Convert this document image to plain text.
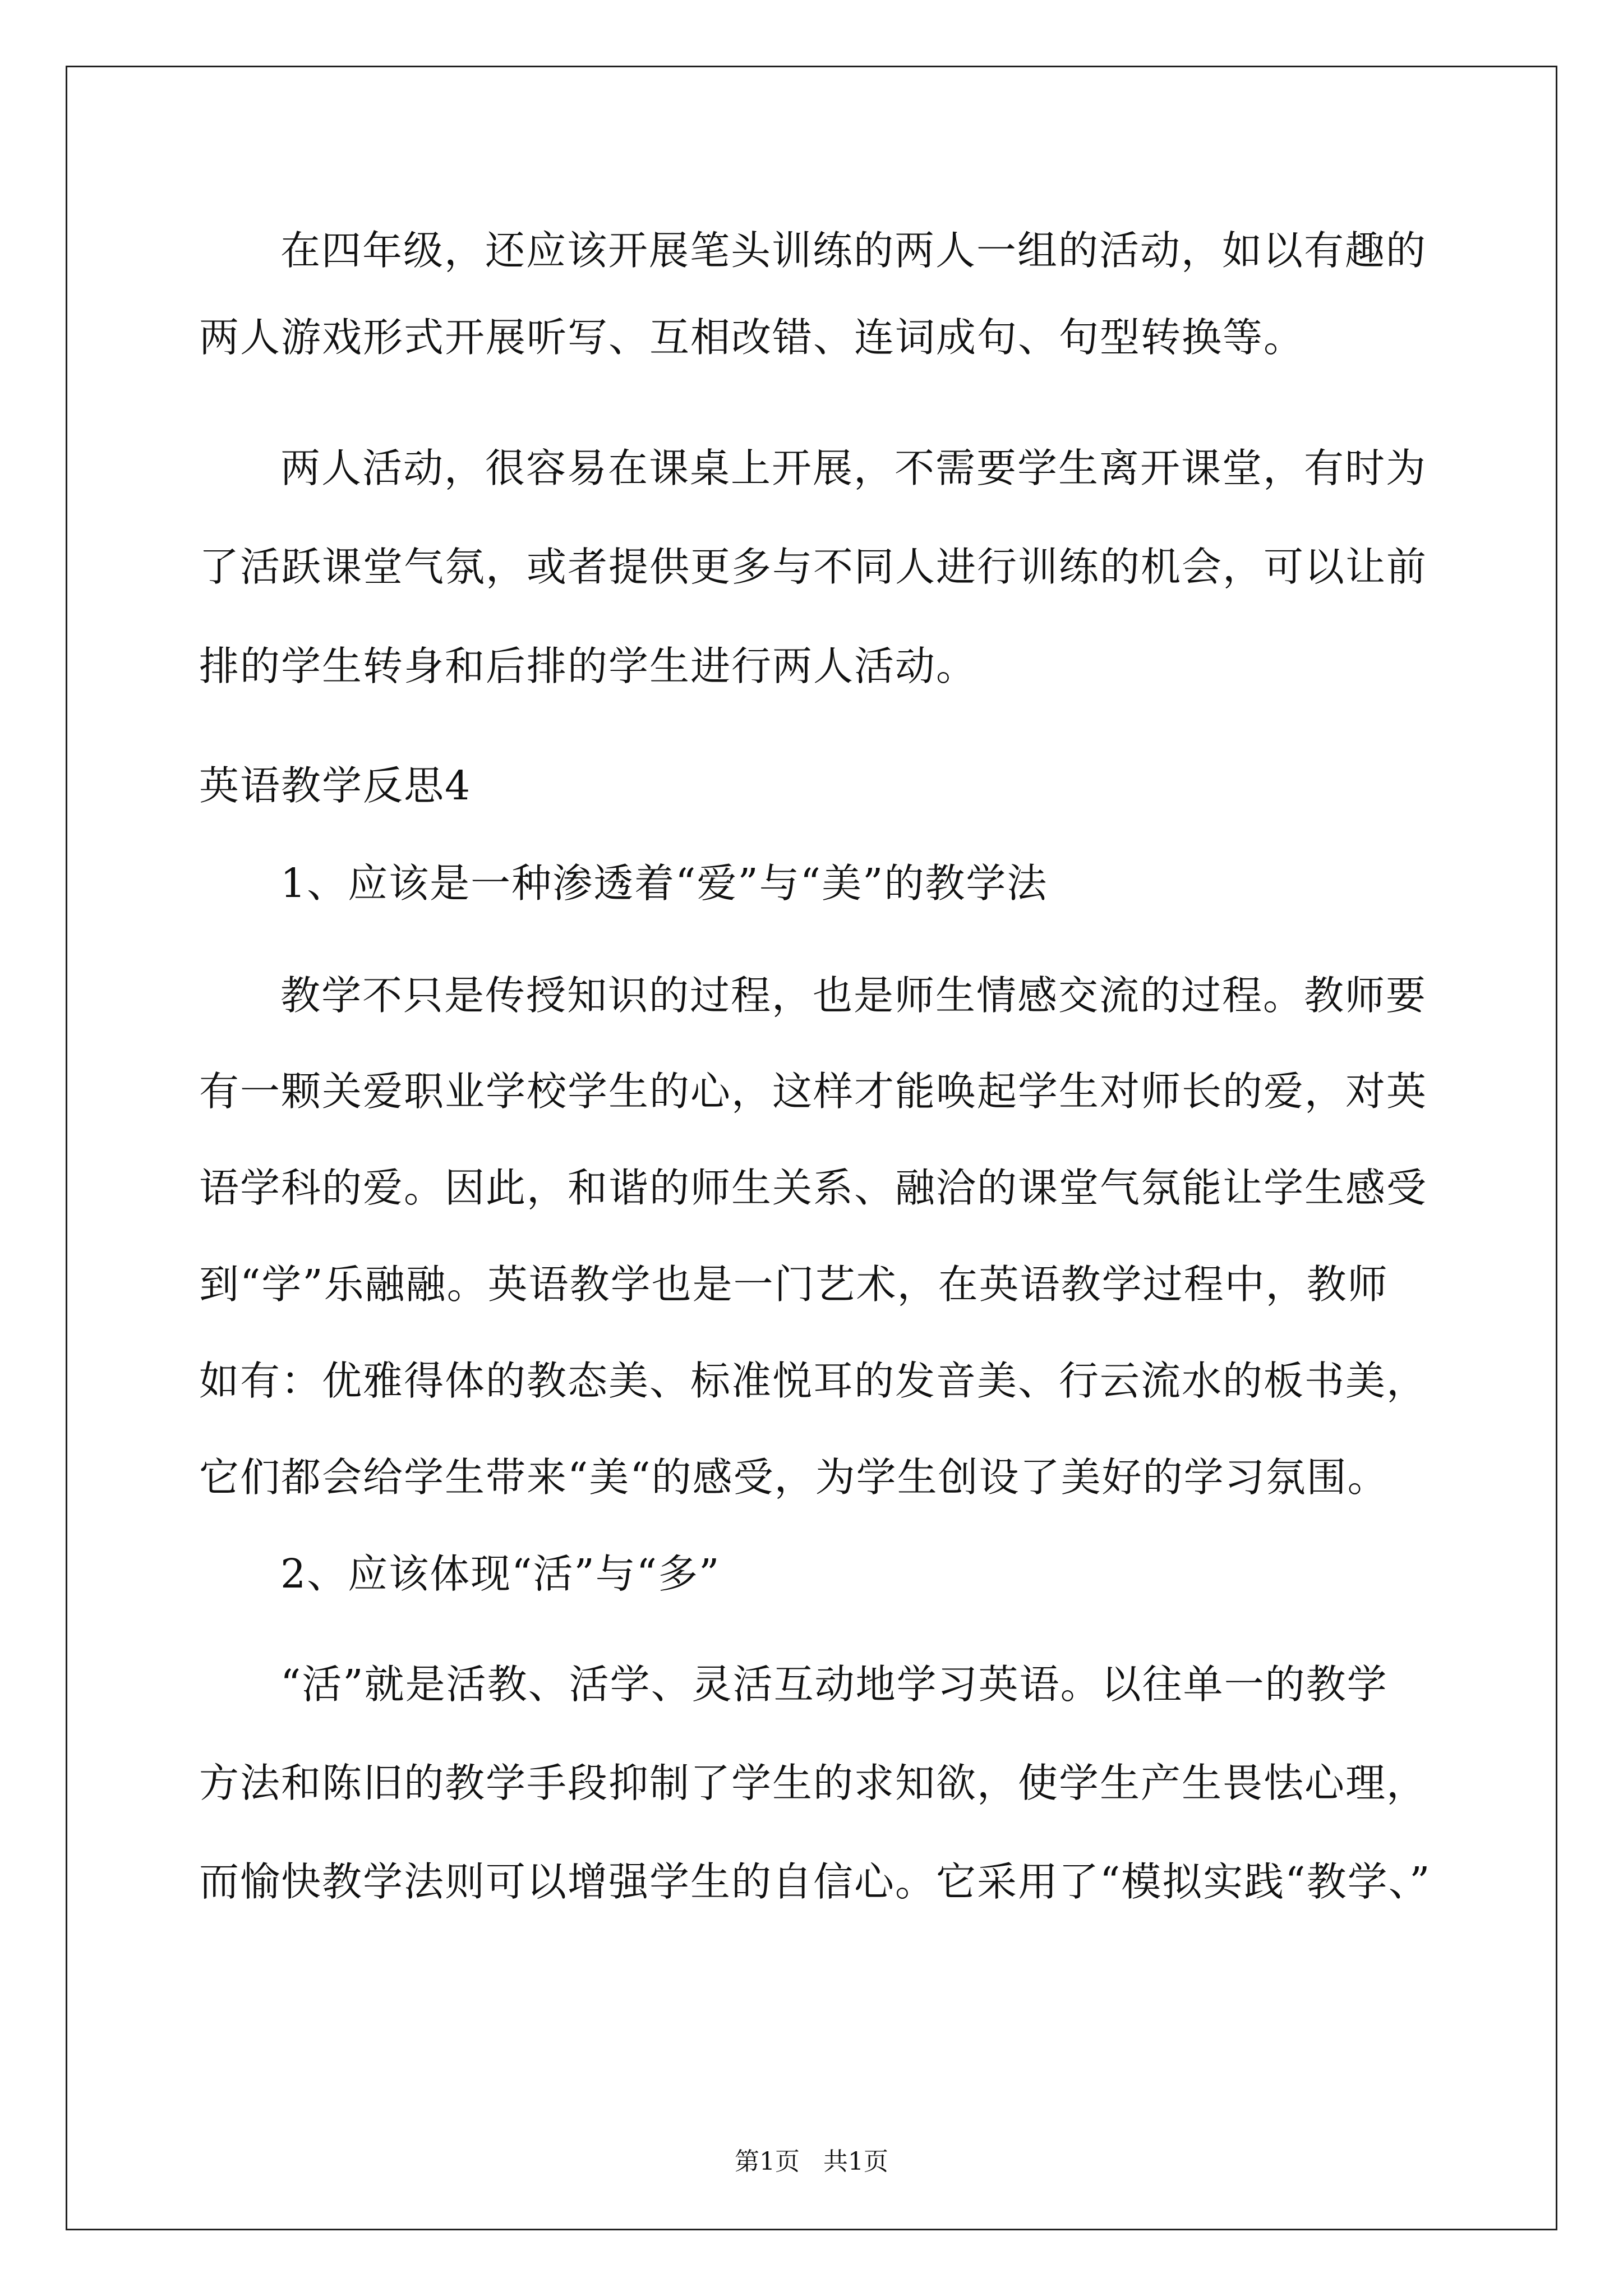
在四年级，还应该开展笔头训练的两人一组的活动，如以有趣的
两人游戏形式开展听写、互相改错、连词成句、句型转换等。
两人活动，很容易在课桌上开展，不需要学生离开课堂，有时为
了活跃课堂气氛，或者提供更多与不同人进行训练的机会，可以让前
排的学生转身和后排的学生进行两人活动。
英语教学反思4
1、应该是一种渗透着“爱”与“美”的教学法
教学不只是传授知识的过程，也是师生情感交流的过程。教师要
有一颗关爱职业学校学生的心，这样才能唤起学生对师长的爱，对英
语学科的爱。因此，和谐的师生关系、融洽的课堂气氛能让学生感受
到“学”乐融融。英语教学也是一门艺术，在英语教学过程中，教师
如有：优雅得体的教态美、标准悦耳的发音美、行云流水的板书美，
它们都会给学生带来“美“的感受，为学生创设了美好的学习氛围。
2、应该体现“活”与“多”
“活”就是活教、活学、灵活互动地学习英语。以往单一的教学
方法和陈旧的教学手段抑制了学生的求知欲，使学生产生畏怯心理，
而愉快教学法则可以增强学生的自信心。它采用了“模拟实践“教学、”
第1页   共1页
